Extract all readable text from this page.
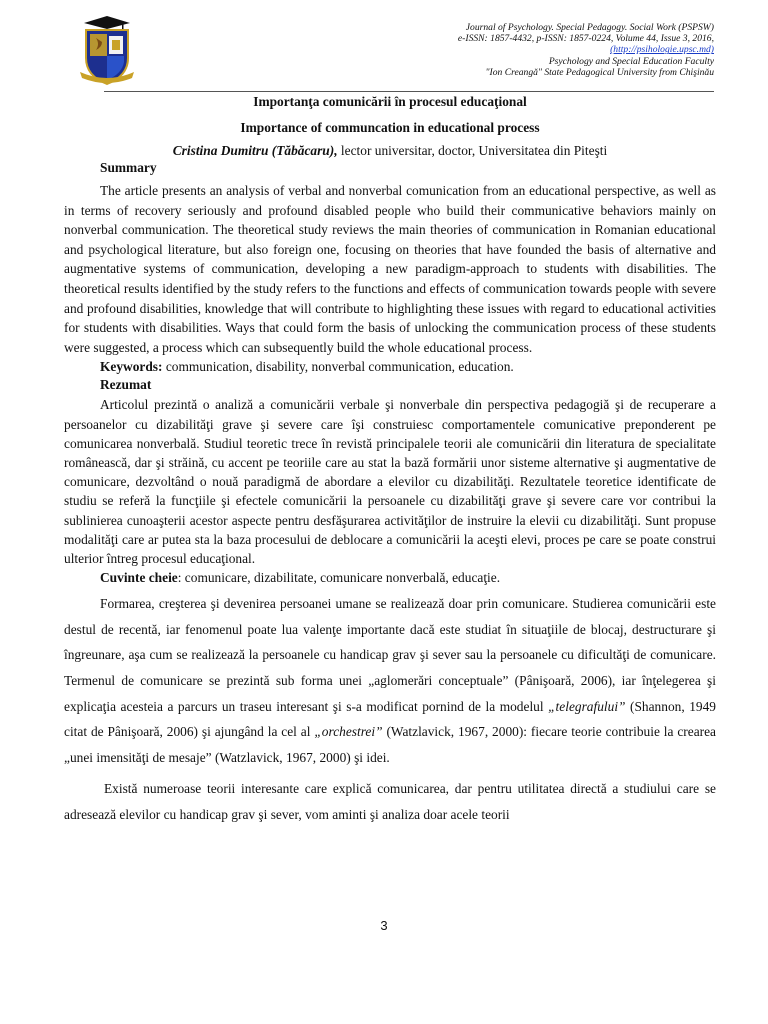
Journal of Psychology. Special Pedagogy. Social Work (PSPSW)
e-ISSN: 1857-4432, p-ISSN: 1857-0224, Volume 44, Issue 3, 2016,
(http://psihologie.upsc.md)
Psychology and Special Education Faculty
"Ion Creangă" State Pedagogical University from Chişinău
Importanţa comunicării în procesul educaţional
Importance of communcation in educational process
Cristina Dumitru (Tăbăcaru), lector universitar, doctor, Universitatea din Piteşti
Summary

The article presents an analysis of verbal and nonverbal comunication from an educational perspective, as well as in terms of recovery seriously and profound disabled people who build their communicative behaviors mainly on nonverbal communication. The theoretical study reviews the main theories of communication in Romanian educational and psychological literature, but also foreign one, focusing on theories that have founded the basis of alternative and augmentative systems of communication, developing a new paradigm-approach to students with disabilities. The theoretical results identified by the study refers to the functions and effects of communication towards people with severe and profound disabilities, knowledge that will contribute to highlighting these issues with regard to educational activities for students with disabilities. Ways that could form the basis of unlocking the communication process of these students were suggested, a process which can subsequently build the whole educational process.

Keywords: communication, disability, nonverbal communication, education.
Rezumat

Articolul prezintă o analiză a comunicării verbale şi nonverbale din perspectiva pedagogiă şi de recuperare a persoanelor cu dizabilităţi grave şi severe care îşi construiesc comportamentele comunicative preponderent pe comunicarea nonverbală. Studiul teoretic trece în revistă principalele teorii ale comunicării din literatura de specialitate românească, dar şi străină, cu accent pe teoriile care au stat la bază formării unor sisteme alternative şi augmentative de comunicare, dezvoltând o nouă paradigmă de abordare a elevilor cu dizabilităţi. Rezultatele teoretice identificate de studiu se referă la funcţiile şi efectele comunicării la persoanele cu dizabilităţi grave şi severe care vor contribui la sublinierea cunoaşterii acestor aspecte pentru desfăşurarea activităţilor de instruire la elevii cu dizabilităţi. Sunt propuse modalităţi care ar putea sta la baza procesului de deblocare a comunicării la aceşti elevi, proces pe care se poate construi ulterior întreg procesul educaţional.

Cuvinte cheie: comunicare, dizabilitate, comunicare nonverbală, educaţie.

Formarea, creşterea şi devenirea persoanei umane se realizează doar prin comunicare. Studierea comunicării este destul de recentă, iar fenomenul poate lua valenţe importante dacă este studiat în situaţiile de blocaj, destructurare şi îngreunare, aşa cum se realizează la persoanele cu handicap grav şi sever sau la persoanele cu dificultăţi de comunicare. Termenul de comunicare se prezintă sub forma unei „aglomerări conceptuale” (Pânişoară, 2006), iar înţelegerea şi explicaţia acesteia a parcurs un traseu interesant şi s-a modificat pornind de la modelul „telegrafului” (Shannon, 1949 citat de Pânişoară, 2006) şi ajungând la cel al „orchestrei” (Watzlavick, 1967, 2000): fiecare teorie contribuie la crearea „unei imensităţi de mesaje” (Watzlavick, 1967, 2000) şi idei.

Există numeroase teorii interesante care explică comunicarea, dar pentru utilitatea directă a studiului care se adresează elevilor cu handicap grav şi sever, vom aminti şi analiza doar acele teorii

3
